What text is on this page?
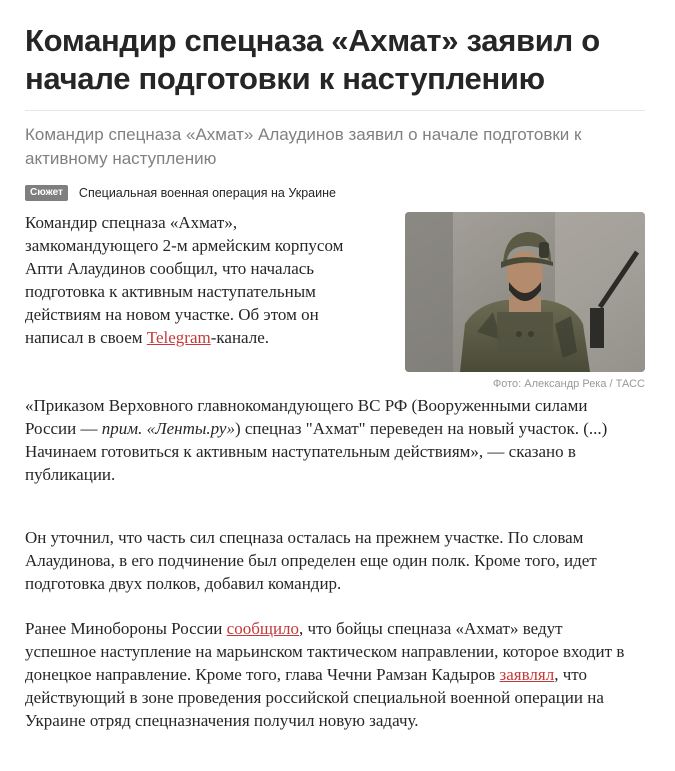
Командир спецназа «Ахмат» заявил о начале подготовки к наступлению
Командир спецназа «Ахмат» Алаудинов заявил о начале подготовки к активному наступлению
Сюжет	Специальная военная операция на Украине
Фото: Александр Река / ТАСС

Командир спецназа «Ахмат», замкомандующего 2-м армейским корпусом Апти Алаудинов сообщил, что началась подготовка к активным наступательным действиям на новом участке. Об этом он написал в своем Telegram-канале.

«Приказом Верховного главнокомандующего ВС РФ (Вооруженными силами России — прим. «Ленты.ру») спецназ "Ахмат" переведен на новый участок. (...) Начинаем готовиться к активным наступательным действиям», — сказано в публикации.

Он уточнил, что часть сил спецназа осталась на прежнем участке. По словам Алаудинова, в его подчинение был определен еще один полк. Кроме того, идет подготовка двух полков, добавил командир.

Ранее Минобороны России сообщило, что бойцы спецназа «Ахмат» ведут успешное наступление на марьинском тактическом направлении, которое входит в донецкое направление. Кроме того, глава Чечни Рамзан Кадыров заявлял, что действующий в зоне проведения российской специальной военной операции на Украине отряд спецназначения получил новую задачу.
